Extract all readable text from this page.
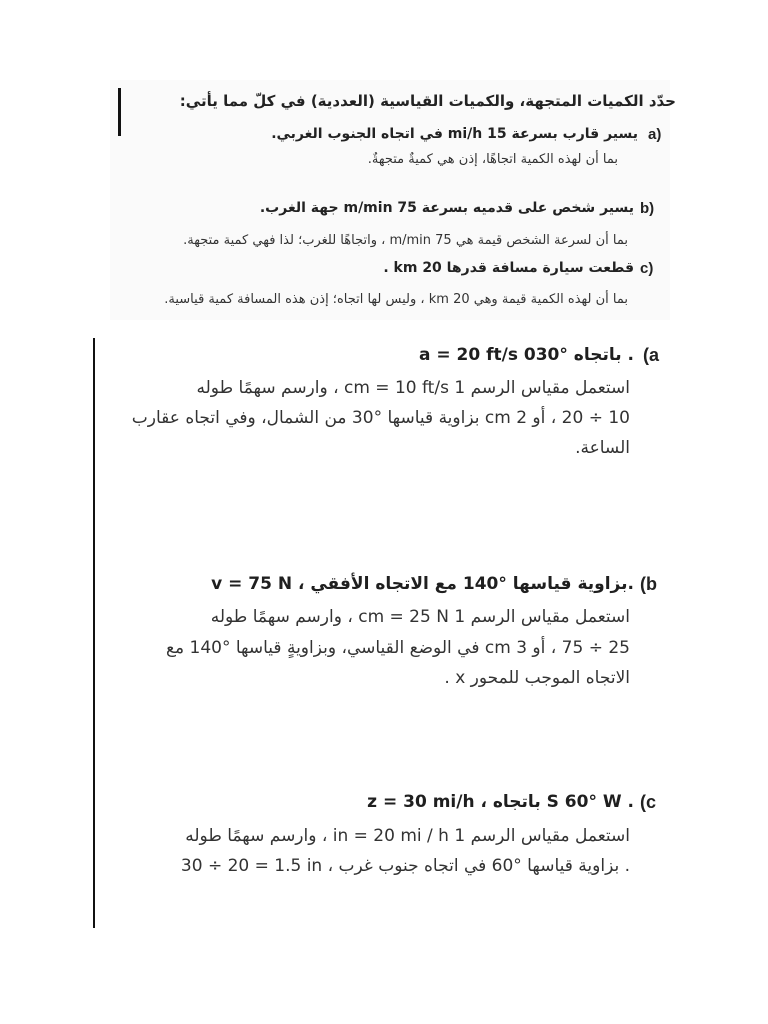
حدّد الكميات المتجهة، والكميات القياسية (العددية) في كلّ مما يأتي:
a)
يسير قارب بسرعة 15 mi/h في اتجاه الجنوب الغربي.
بما أن لهذه الكمية اتجاهًا، إذن هي كميةٌ متجهةٌ.
b)
يسير شخص على قدميه بسرعة 75 m/min جهة الغرب.
بما أن لسرعة الشخص قيمة هي 75 m/min ، واتجاهًا للغرب؛ لذا فهي كمية متجهة.
c)
قطعت سيارة مسافة قدرها 20 km .
بما أن لهذه الكمية قيمة وهي 20 km ، وليس لها اتجاه؛ إذن هذه المسافة كمية قياسية.
(a
a = 20 ft/s باتجاه °030 .
استعمل مقياس الرسم 1 cm = 10 ft/s ، وارسم سهمًا طوله
10 ÷ 20 ، أو 2 cm بزاوية قياسها °30 من الشمال، وفي اتجاه عقارب
الساعة.
(b
v = 75 N ، بزاوية قياسها °140 مع الاتجاه الأفقي.
استعمل مقياس الرسم 1 cm = 25 N ، وارسم سهمًا طوله
25 ÷ 75 ، أو 3 cm في الوضع القياسي، وبزاويةٍ قياسها °140 مع
الاتجاه الموجب للمحور x .
(c
z = 30 mi/h ، باتجاه S 60° W .
استعمل مقياس الرسم 1 in = 20 mi / h ، وارسم سهمًا طوله
30 ÷ 20 = 1.5 in ، بزاوية قياسها °60 في اتجاه جنوب غرب .
